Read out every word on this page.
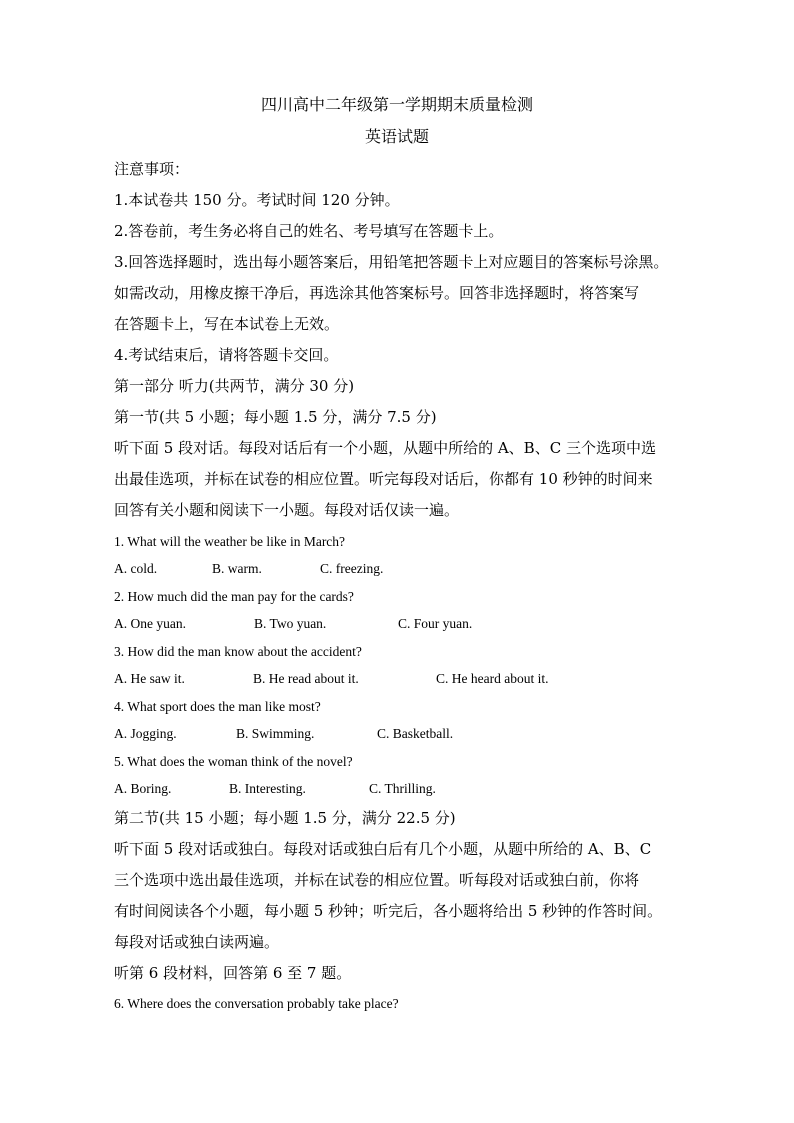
四川高中二年级第一学期期末质量检测
英语试题
注意事项：
1.本试卷共 150 分。考试时间 120 分钟。
2.答卷前，考生务必将自己的姓名、考号填写在答题卡上。
3.回答选择题时，选出每小题答案后，用铅笔把答题卡上对应题目的答案标号涂黑。
如需改动，用橡皮擦干净后，再选涂其他答案标号。回答非选择题时，将答案写
在答题卡上，写在本试卷上无效。
4.考试结束后，请将答题卡交回。
第一部分 听力(共两节，满分 30 分)
第一节(共 5 小题；每小题 1.5 分，满分 7.5 分)
听下面 5 段对话。每段对话后有一个小题，从题中所给的 A、B、C 三个选项中选
出最佳选项，并标在试卷的相应位置。听完每段对话后，你都有 10 秒钟的时间来
回答有关小题和阅读下一小题。每段对话仅读一遍。
1. What will the weather be like in March?
A. cold.	B. warm.	C. freezing.
2. How much did the man pay for the cards?
A. One yuan.	B. Two yuan.	C. Four yuan.
3. How did the man know about the accident?
A. He saw it.	B. He read about it.	C. He heard about it.
4. What sport does the man like most?
A. Jogging.	B. Swimming.	C. Basketball.
5. What does the woman think of the novel?
A. Boring.	B. Interesting.	C. Thrilling.
第二节(共 15 小题；每小题 1.5 分，满分 22.5 分)
听下面 5 段对话或独白。每段对话或独白后有几个小题，从题中所给的 A、B、C
三个选项中选出最佳选项，并标在试卷的相应位置。听每段对话或独白前，你将
有时间阅读各个小题，每小题 5 秒钟；听完后，各小题将给出 5 秒钟的作答时间。
每段对话或独白读两遍。
听第 6 段材料，回答第 6 至 7 题。
6. Where does the conversation probably take place?
